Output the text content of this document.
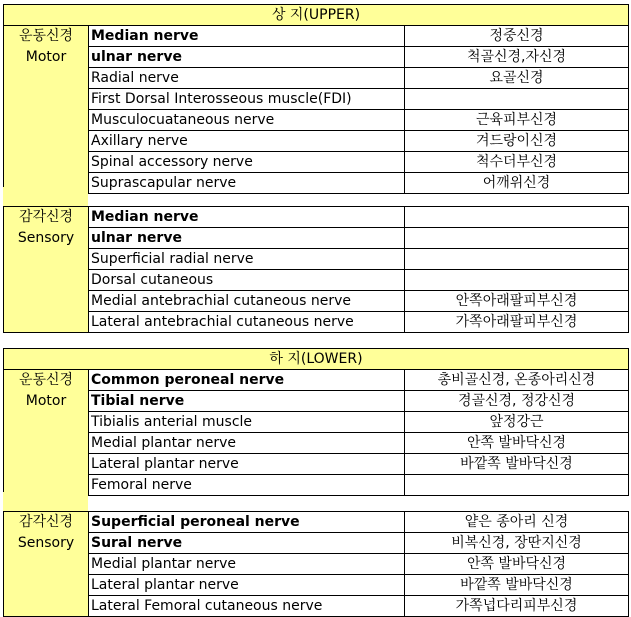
상 지(UPPER)		

운동신경
Motor	Median nerve	정중신경
	ulnar nerve	척골신경,자신경
	Radial nerve	요골신경
	First Dorsal Interosseous muscle(FDI)	
	Musculocuataneous nerve	근육피부신경
	Axillary nerve	겨드랑이신경
	Spinal accessory nerve	척수더부신경
	Suprascapular nerve	어깨위신경
감각신경
Sensory	Median nerve	
	ulnar nerve	
	Superficial radial nerve	
	Dorsal cutaneous	
	Medial antebrachial cutaneous nerve	안쪽아래팔피부신경
	Lateral antebrachial cutaneous nerve	가쪽아래팔피부신경
하 지(LOWER)		

운동신경
Motor	Common peroneal nerve	총비골신경, 온종아리신경
	Tibial nerve	경골신경, 정강신경
	Tibialis anterial muscle	앞정강근
	Medial plantar nerve	안쪽 발바닥신경
	Lateral plantar nerve	바깥쪽 발바닥신경
	Femoral nerve	
감각신경
Sensory	Superficial peroneal nerve	얕은 종아리 신경
	Sural nerve	비복신경, 장딴지신경
	Medial plantar nerve	안쪽 발바닥신경
	Lateral plantar nerve	바깥쪽 발바닥신경
	Lateral Femoral cutaneous nerve	가쪽넙다리피부신경
